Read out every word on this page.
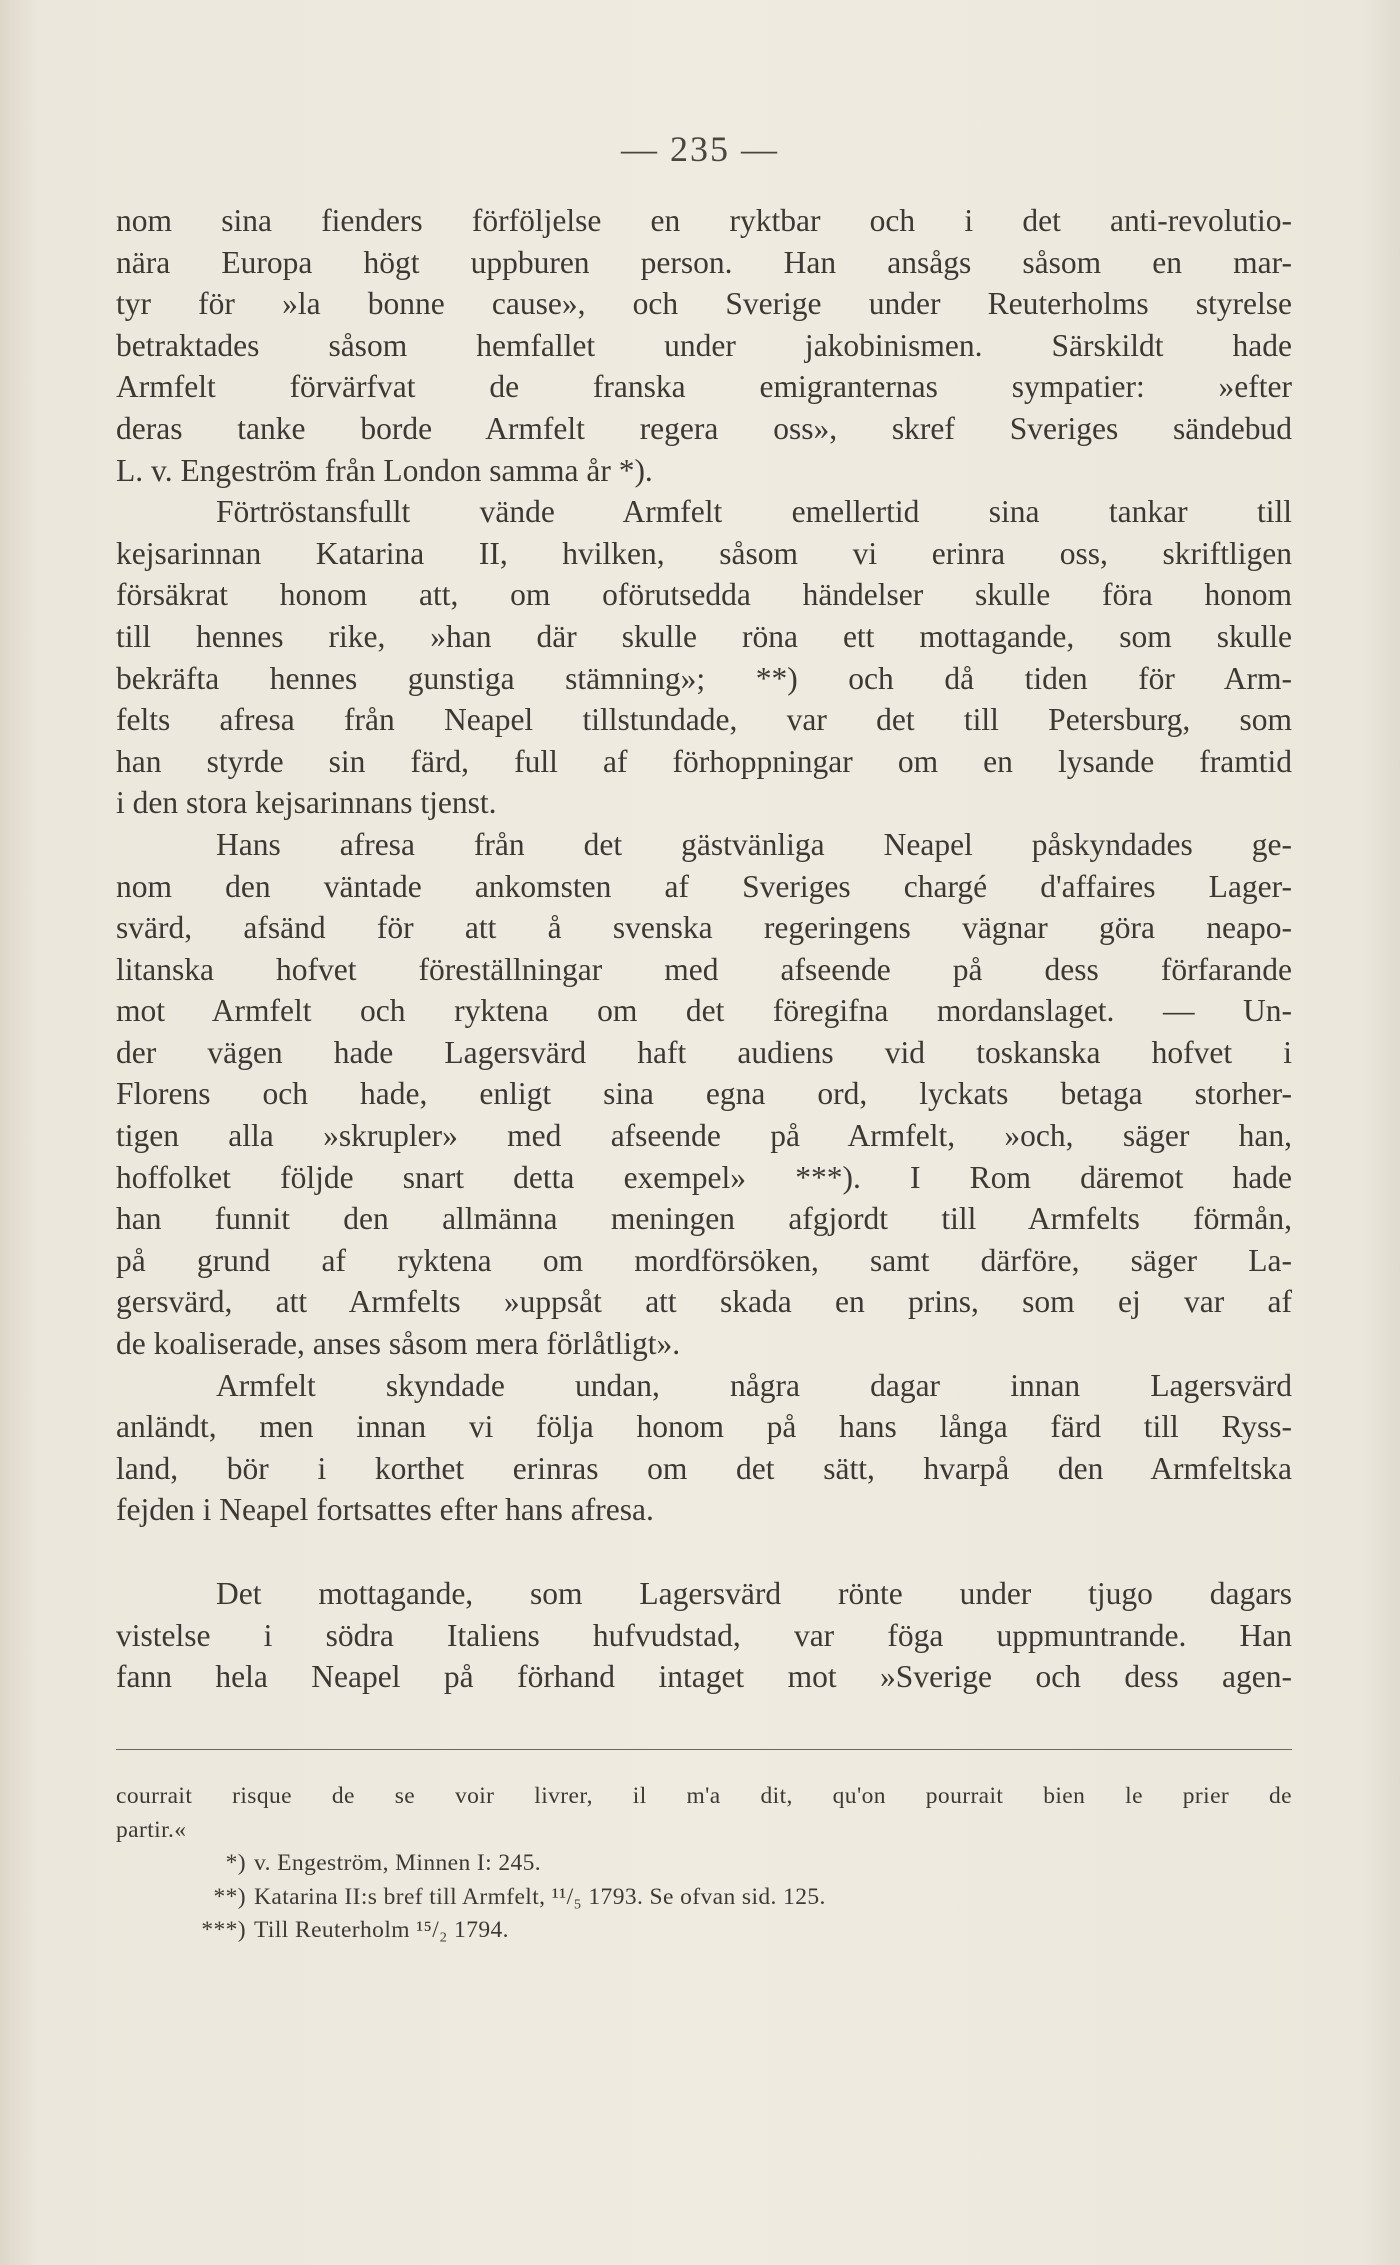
— 235 —
nom sina fienders förföljelse en ryktbar och i det anti-revolutio-
nära Europa högt uppburen person. Han ansågs såsom en mar-
tyr för »la bonne cause», och Sverige under Reuterholms styrelse
betraktades såsom hemfallet under jakobinismen. Särskildt hade
Armfelt förvärfvat de franska emigranternas sympatier: »efter
deras tanke borde Armfelt regera oss», skref Sveriges sändebud
L. v. Engeström från London samma år *).
Förtröstansfullt vände Armfelt emellertid sina tankar till
kejsarinnan Katarina II, hvilken, såsom vi erinra oss, skriftligen
försäkrat honom att, om oförutsedda händelser skulle föra honom
till hennes rike, »han där skulle röna ett mottagande, som skulle
bekräfta hennes gunstiga stämning»; **) och då tiden för Arm-
felts afresa från Neapel tillstundade, var det till Petersburg, som
han styrde sin färd, full af förhoppningar om en lysande framtid
i den stora kejsarinnans tjenst.
Hans afresa från det gästvänliga Neapel påskyndades ge-
nom den väntade ankomsten af Sveriges chargé d'affaires Lager-
svärd, afsänd för att å svenska regeringens vägnar göra neapo-
litanska hofvet föreställningar med afseende på dess förfarande
mot Armfelt och ryktena om det föregifna mordanslaget. — Un-
der vägen hade Lagersvärd haft audiens vid toskanska hofvet i
Florens och hade, enligt sina egna ord, lyckats betaga storher-
tigen alla »skrupler» med afseende på Armfelt, »och, säger han,
hoffolket följde snart detta exempel» ***). I Rom däremot hade
han funnit den allmänna meningen afgjordt till Armfelts förmån,
på grund af ryktena om mordförsöken, samt därföre, säger La-
gersvärd, att Armfelts »uppsåt att skada en prins, som ej var af
de koaliserade, anses såsom mera förlåtligt».
Armfelt skyndade undan, några dagar innan Lagersvärd
anländt, men innan vi följa honom på hans långa färd till Ryss-
land, bör i korthet erinras om det sätt, hvarpå den Armfeltska
fejden i Neapel fortsattes efter hans afresa.
Det mottagande, som Lagersvärd rönte under tjugo dagars
vistelse i södra Italiens hufvudstad, var föga uppmuntrande. Han
fann hela Neapel på förhand intaget mot »Sverige och dess agen-
courrait risque de se voir livrer, il m'a dit, qu'on pourrait bien le prier de
partir.«
*) v. Engeström, Minnen I: 245.
**) Katarina II:s bref till Armfelt, ¹¹/₅ 1793. Se ofvan sid. 125.
***) Till Reuterholm ¹⁵/₂ 1794.
